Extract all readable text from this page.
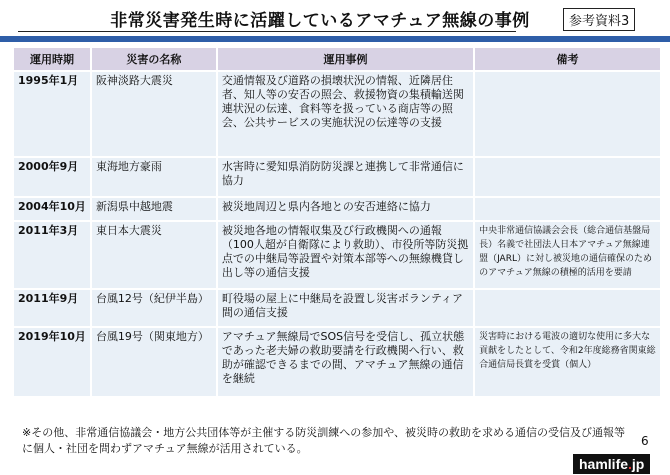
非常災害発生時に活躍しているアマチュア無線の事例	参考資料3
運用時期	災害の名称	運用事例	備考
1995年1月	阪神淡路大震災	交通情報及び道路の損壊状況の情報、近隣居住者、知人等の安否の照会、救援物資の集積輸送関連状況の伝達、食料等を扱っている商店等の照会、公共サービスの実施状況の伝達等の支援	
2000年9月	東海地方豪雨	水害時に愛知県消防防災課と連携して非常通信に協力	
2004年10月	新潟県中越地震	被災地周辺と県内各地との安否連絡に協力	
2011年3月	東日本大震災	被災地各地の情報収集及び行政機関への通報（100人超が自衛隊により救助）、市役所等防災拠点での中継局等設置や対策本部等への無線機貸し出し等の通信支援	中央非常通信協議会会長（総合通信基盤局長）名義で社団法人日本アマチュア無線連盟（JARL）に対し被災地の通信確保のためのアマチュア無線の積極的活用を要請
2011年9月	台風12号（紀伊半島）	町役場の屋上に中継局を設置し災害ボランティア間の通信支援	
2019年10月	台風19号（関東地方）	アマチュア無線局でSOS信号を受信し、孤立状態であった老夫婦の救助要請を行政機関へ行い、救助が確認できるまでの間、アマチュア無線の通信を継続	災害時における電波の適切な使用に多大な貢献をしたとして、令和2年度総務省関東総合通信局長賞を受賞（個人）
※その他、非常通信協議会・地方公共団体等が主催する防災訓練への参加や、被災時の救助を求める通信の受信及び通報等に個人・社団を問わずアマチュア無線が活用されている。
6
hamlife.jp
